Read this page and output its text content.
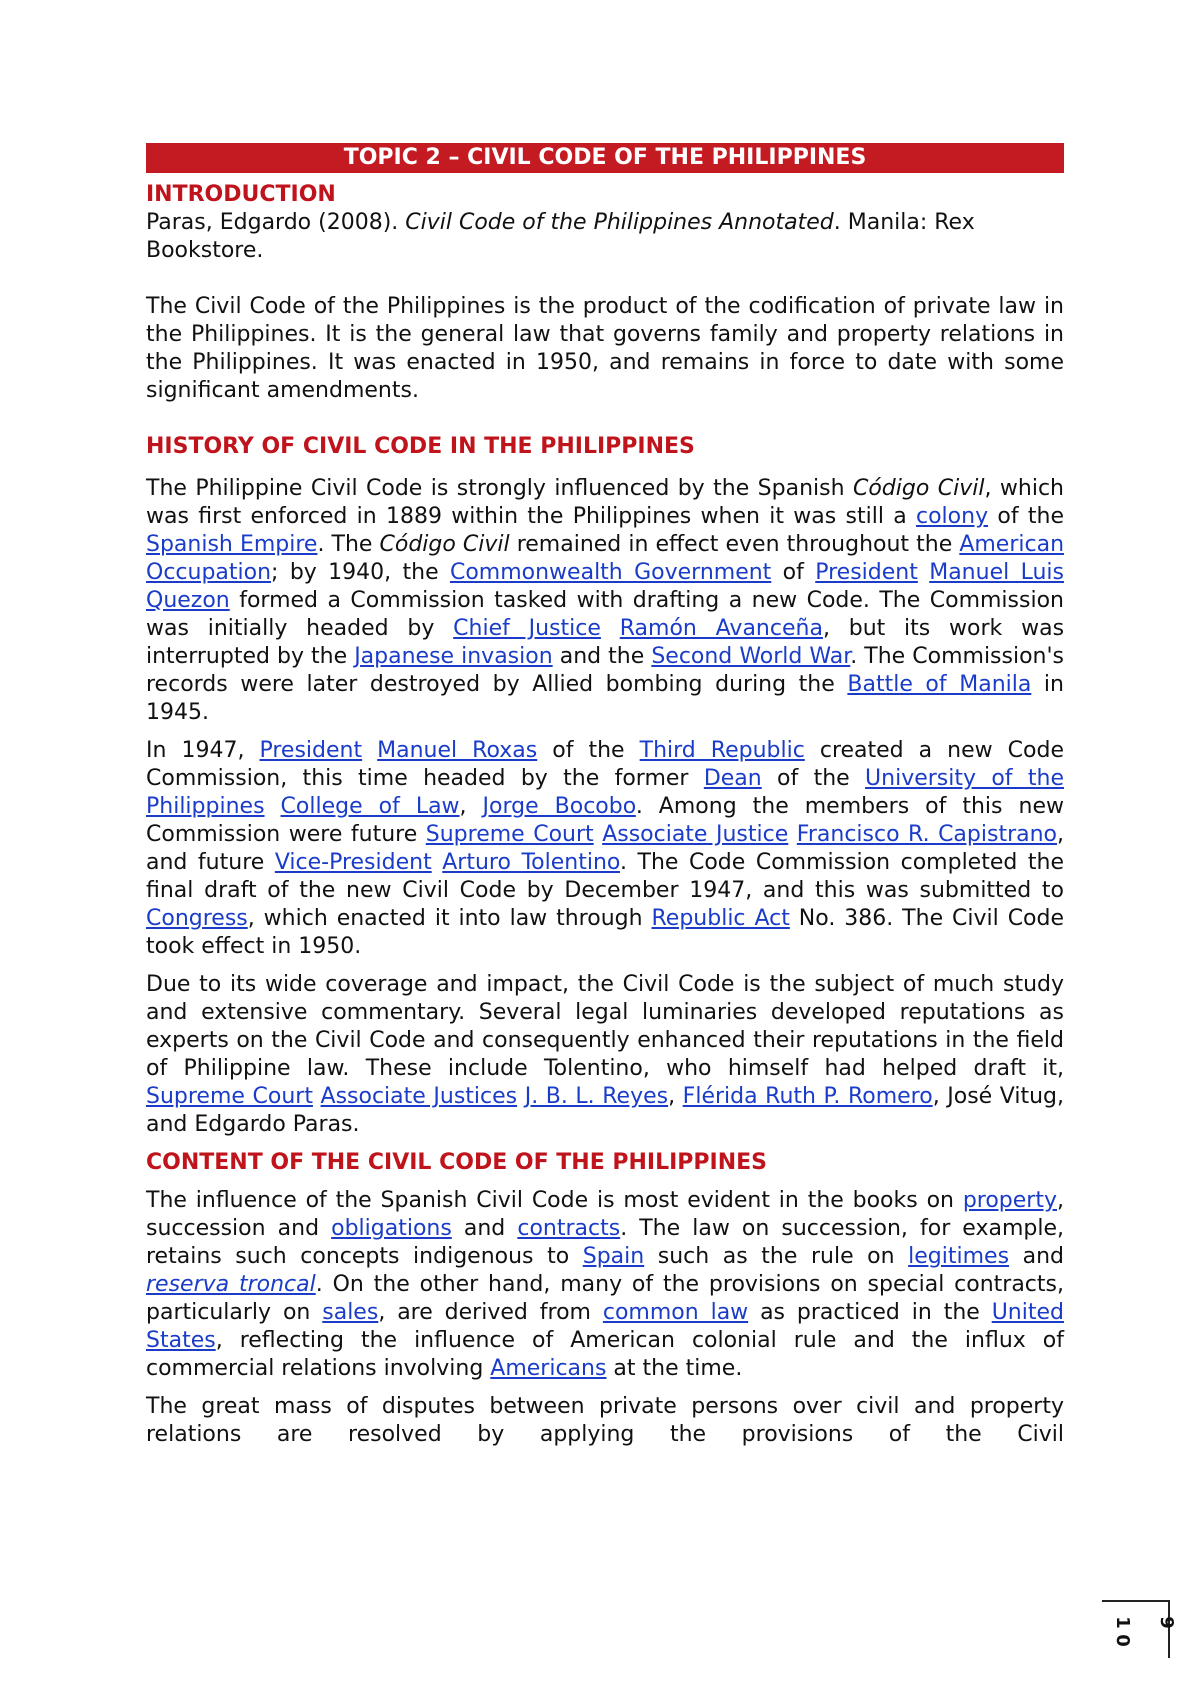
TOPIC 2 – CIVIL CODE OF THE PHILIPPINES
INTRODUCTION
Paras, Edgardo (2008). Civil Code of the Philippines Annotated. Manila: Rex Bookstore.
The Civil Code of the Philippines is the product of the codification of private law in the Philippines. It is the general law that governs family and property relations in the Philippines. It was enacted in 1950, and remains in force to date with some significant amendments.
HISTORY OF CIVIL CODE IN THE PHILIPPINES
The Philippine Civil Code is strongly influenced by the Spanish Código Civil, which was first enforced in 1889 within the Philippines when it was still a colony of the Spanish Empire. The Código Civil remained in effect even throughout the American Occupation; by 1940, the Commonwealth Government of President Manuel Luis Quezon formed a Commission tasked with drafting a new Code. The Commission was initially headed by Chief Justice Ramón Avanceña, but its work was interrupted by the Japanese invasion and the Second World War. The Commission's records were later destroyed by Allied bombing during the Battle of Manila in 1945.
In 1947, President Manuel Roxas of the Third Republic created a new Code Commission, this time headed by the former Dean of the University of the Philippines College of Law, Jorge Bocobo. Among the members of this new Commission were future Supreme Court Associate Justice Francisco R. Capistrano, and future Vice-President Arturo Tolentino. The Code Commission completed the final draft of the new Civil Code by December 1947, and this was submitted to Congress, which enacted it into law through Republic Act No. 386. The Civil Code took effect in 1950.
Due to its wide coverage and impact, the Civil Code is the subject of much study and extensive commentary. Several legal luminaries developed reputations as experts on the Civil Code and consequently enhanced their reputations in the field of Philippine law. These include Tolentino, who himself had helped draft it, Supreme Court Associate Justices J. B. L. Reyes, Flérida Ruth P. Romero, José Vitug, and Edgardo Paras.
CONTENT OF THE CIVIL CODE OF THE PHILIPPINES
The influence of the Spanish Civil Code is most evident in the books on property, succession and obligations and contracts. The law on succession, for example, retains such concepts indigenous to Spain such as the rule on legitimes and reserva troncal. On the other hand, many of the provisions on special contracts, particularly on sales, are derived from common law as practiced in the United States, reflecting the influence of American colonial rule and the influx of commercial relations involving Americans at the time.
The great mass of disputes between private persons over civil and property relations are resolved by applying the provisions of the Civil
1
0
9
